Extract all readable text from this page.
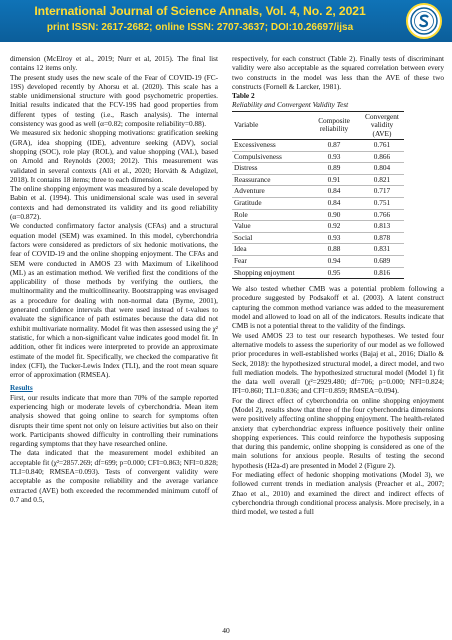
International Journal of Science Annals, Vol. 4, No. 2, 2021
print ISSN: 2617-2682; online ISSN: 2707-3637; DOI:10.26697/ijsa

dimension (McElroy et al., 2019; Nurr et al, 2015). The final list contains 12 items only.

The present study uses the new scale of the Fear of COVID-19 (FC-19S) developed recently by Ahorsu et al. (2020). This scale has a stable unidimensional structure with good psychometric properties. Initial results indicated that the FCV-19S had good properties from different types of testing (i.e., Rasch analysis). The internal consistency was good as well (α=0.82; composite reliability=0.88).

We measured six hedonic shopping motivations: gratification seeking (GRA), idea shopping (IDE), adventure seeking (ADV), social shopping (SOC), role play (ROL), and value shopping (VAL), based on Arnold and Reynolds (2003; 2012). This measurement was validated in several contexts (Ali et al., 2020; Horváth & Adıgüzel, 2018). It contains 18 items; three to each dimension.

The online shopping enjoyment was measured by a scale developed by Babin et al. (1994). This unidimensional scale was used in several contexts and had demonstrated its validity and its good reliability (α=0.872).

We conducted confirmatory factor analysis (CFAs) and a structural equation model (SEM) was examined. In this model, cyberchondria factors were considered as predictors of six hedonic motivations, the fear of COVID-19 and the online shopping enjoyment. The CFAs and SEM were conducted in AMOS 23 with Maximum of Likelihood (ML) as an estimation method. We verified first the conditions of the applicability of those methods by verifying the outliers, the multinormality and the multicollinearity. Bootstrapping was envisaged as a procedure for dealing with non-normal data (Byrne, 2001), generated confidence intervals that were used instead of t-values to evaluate the significance of path estimates because the data did not exhibit multivariate normality. Model fit was then assessed using the χ² statistic, for which a non-significant value indicates good model fit. In addition, other fit indices were interpreted to provide an approximate estimate of the model fit. Specifically, we checked the comparative fit index (CFI), the Tucker-Lewis Index (TLI), and the root mean square error of approximation (RMSEA).

Results

First, our results indicate that more than 70% of the sample reported experiencing high or moderate levels of cyberchondria. Mean item analysis showed that going online to search for symptoms often disrupts their time spent not only on leisure activities but also on their work. Participants showed difficulty in controlling their ruminations regarding symptoms that they have researched online.

The data indicated that the measurement model exhibited an acceptable fit (χ²=2857.269; df=699; p=0.000; CFI=0.863; NFI=0.828; TLI=0.840; RMSEA=0.093). Tests of convergent validity were acceptable as the composite reliability and the average variance extracted (AVE) both exceeded the recommended minimum cutoff of 0.7 and 0.5,

respectively, for each construct (Table 2). Finally tests of discriminant validity were also acceptable as the squared correlation between every two constructs in the model was less than the AVE of these two constructs (Fornell & Larcker, 1981).

Table 2

Reliability and Convergent Validity Test

Variable	Composite reliability	Convergent validity (AVE)
Excessiveness	0.87	0.761
Compulsiveness	0.93	0.866
Distress	0.89	0.804
Reassurance	0.91	0.821
Adventure	0.84	0.717
Gratitude	0.84	0.751
Role	0.90	0.766
Value	0.92	0.813
Social	0.93	0.878
Idea	0.88	0.831
Fear	0.94	0.689
Shopping enjoyment	0.95	0.816

We also tested whether CMB was a potential problem following a procedure suggested by Podsakoff et al. (2003). A latent construct capturing the common method variance was added to the measurement model and allowed to load on all of the indicators. Results indicate that CMB is not a potential threat to the validity of the findings.

We used AMOS 23 to test our research hypotheses. We tested four alternative models to assess the superiority of our model as we followed prior procedures in well-established works (Bajaj et al., 2016; Diallo & Seck, 2018): the hypothesized structural model, a direct model, and two full mediation models. The hypothesized structural model (Model 1) fit the data well overall (χ²=2929.480; df=706; p=0.000; NFI=0.824; IFI=0.860; TLI=0.836; and CFI=0.859; RMSEA=0.094).

For the direct effect of cyberchondria on online shopping enjoyment (Model 2), results show that three of the four cyberchondria dimensions were positively affecting online shopping enjoyment. The health-related anxiety that cyberchondriac express influence positively their online shopping experiences. This could reinforce the hypothesis supposing that during this pandemic, online shopping is considered as one of the main solutions for anxious people. Results of testing the second hypothesis (H2a-d) are presented in Model 2 (Figure 2).

For mediating effect of hedonic shopping motivations (Model 3), we followed current trends in mediation analysis (Preacher et al., 2007; Zhao et al., 2010) and examined the direct and indirect effects of cyberchondria through conditional process analysis. More precisely, in a third model, we tested a full

40
